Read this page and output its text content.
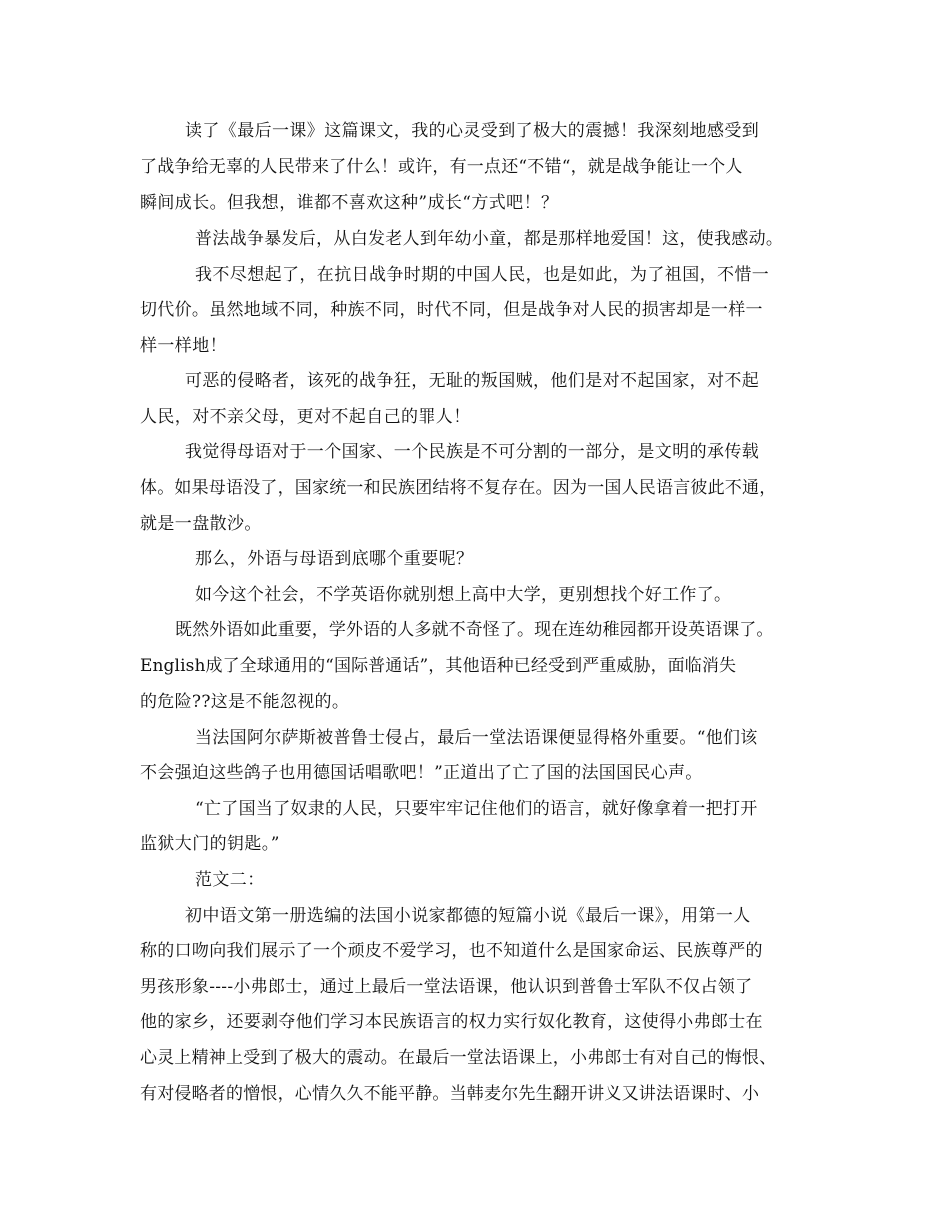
读了《最后一课》这篇课文，我的心灵受到了极大的震撼！我深刻地感受到
了战争给无辜的人民带来了什么！或许，有一点还“不错“，就是战争能让一个人
瞬间成长。但我想，谁都不喜欢这种”成长“方式吧！？
普法战争暴发后，从白发老人到年幼小童，都是那样地爱国！这，使我感动。
我不尽想起了，在抗日战争时期的中国人民，也是如此，为了祖国，不惜一
切代价。虽然地域不同，种族不同，时代不同，但是战争对人民的损害却是一样一
样一样地！
可恶的侵略者，该死的战争狂，无耻的叛国贼，他们是对不起国家，对不起
人民，对不亲父母，更对不起自己的罪人！
我觉得母语对于一个国家、一个民族是不可分割的一部分，是文明的承传载
体。如果母语没了，国家统一和民族团结将不复存在。因为一国人民语言彼此不通，
就是一盘散沙。
那么，外语与母语到底哪个重要呢？
如今这个社会，不学英语你就别想上高中大学，更别想找个好工作了。
既然外语如此重要，学外语的人多就不奇怪了。现在连幼稚园都开设英语课了。
English成了全球通用的“国际普通话”，其他语种已经受到严重威胁，面临消失
的危险??这是不能忽视的。
当法国阿尔萨斯被普鲁士侵占，最后一堂法语课便显得格外重要。“他们该
不会强迫这些鸽子也用德国话唱歌吧！”正道出了亡了国的法国国民心声。
“亡了国当了奴隶的人民，只要牢牢记住他们的语言，就好像拿着一把打开
监狱大门的钥匙。”
范文二：
初中语文第一册选编的法国小说家都德的短篇小说《最后一课》，用第一人
称的口吻向我们展示了一个顽皮不爱学习，也不知道什么是国家命运、民族尊严的
男孩形象----小弗郎士，通过上最后一堂法语课，他认识到普鲁士军队不仅占领了
他的家乡，还要剥夺他们学习本民族语言的权力实行奴化教育，这使得小弗郎士在
心灵上精神上受到了极大的震动。在最后一堂法语课上，小弗郎士有对自己的悔恨、
有对侵略者的憎恨，心情久久不能平静。当韩麦尔先生翻开讲义又讲法语课时、小
